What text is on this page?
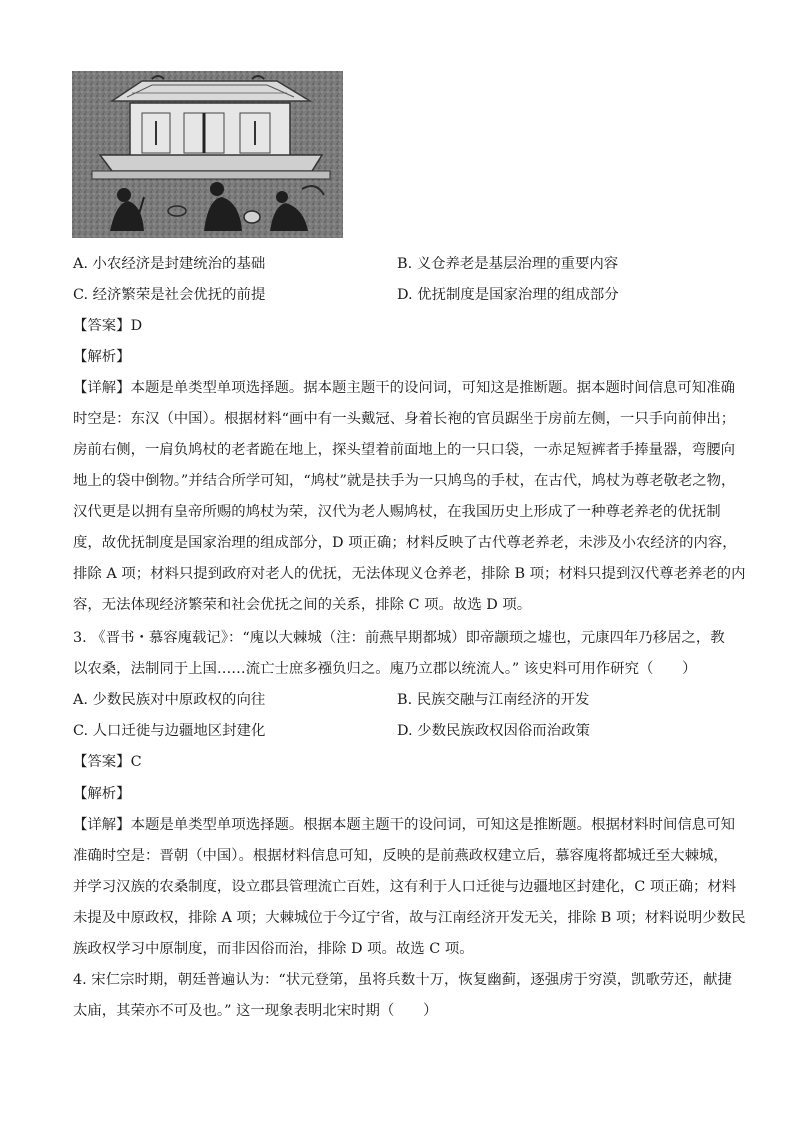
A. 小农经济是封建统治的基础	B. 义仓养老是基层治理的重要内容
C. 经济繁荣是社会优抚的前提	D. 优抚制度是国家治理的组成部分
【答案】D
【解析】
【详解】本题是单类型单项选择题。据本题主题干的设问词，可知这是推断题。据本题时间信息可知准确
时空是：东汉（中国）。根据材料“画中有一头戴冠、身着长袍的官员踞坐于房前左侧，一只手向前伸出；
房前右侧，一肩负鸠杖的老者跪在地上，探头望着前面地上的一只口袋，一赤足短裤者手捧量器，弯腰向
地上的袋中倒物。”并结合所学可知，“鸠杖”就是扶手为一只鸠鸟的手杖，在古代，鸠杖为尊老敬老之物，
汉代更是以拥有皇帝所赐的鸠杖为荣，汉代为老人赐鸠杖，在我国历史上形成了一种尊老养老的优抚制
度，故优抚制度是国家治理的组成部分，D 项正确；材料反映了古代尊老养老，未涉及小农经济的内容，
排除 A 项；材料只提到政府对老人的优抚，无法体现义仓养老，排除 B 项；材料只提到汉代尊老养老的内
容，无法体现经济繁荣和社会优抚之间的关系，排除 C 项。故选 D 项。
3. 《晋书・慕容廆载记》：“廆以大棘城（注：前燕早期都城）即帝颛顼之墟也，元康四年乃移居之，教
以农桑，法制同于上国……流亡士庶多襁负归之。廆乃立郡以统流人。” 该史料可用作研究（　　）
A. 少数民族对中原政权的向往	B. 民族交融与江南经济的开发
C. 人口迁徙与边疆地区封建化	D. 少数民族政权因俗而治政策
【答案】C
【解析】
【详解】本题是单类型单项选择题。根据本题主题干的设问词，可知这是推断题。根据材料时间信息可知
准确时空是：晋朝（中国）。根据材料信息可知，反映的是前燕政权建立后，慕容廆将都城迁至大棘城，
并学习汉族的农桑制度，设立郡县管理流亡百姓，这有利于人口迁徙与边疆地区封建化，C 项正确；材料
未提及中原政权，排除 A 项；大棘城位于今辽宁省，故与江南经济开发无关，排除 B 项；材料说明少数民
族政权学习中原制度，而非因俗而治，排除 D 项。故选 C 项。
4. 宋仁宗时期，朝廷普遍认为：“状元登第，虽将兵数十万，恢复幽蓟，逐强虏于穷漠，凯歌劳还，献捷
太庙，其荣亦不可及也。” 这一现象表明北宋时期（　　）
